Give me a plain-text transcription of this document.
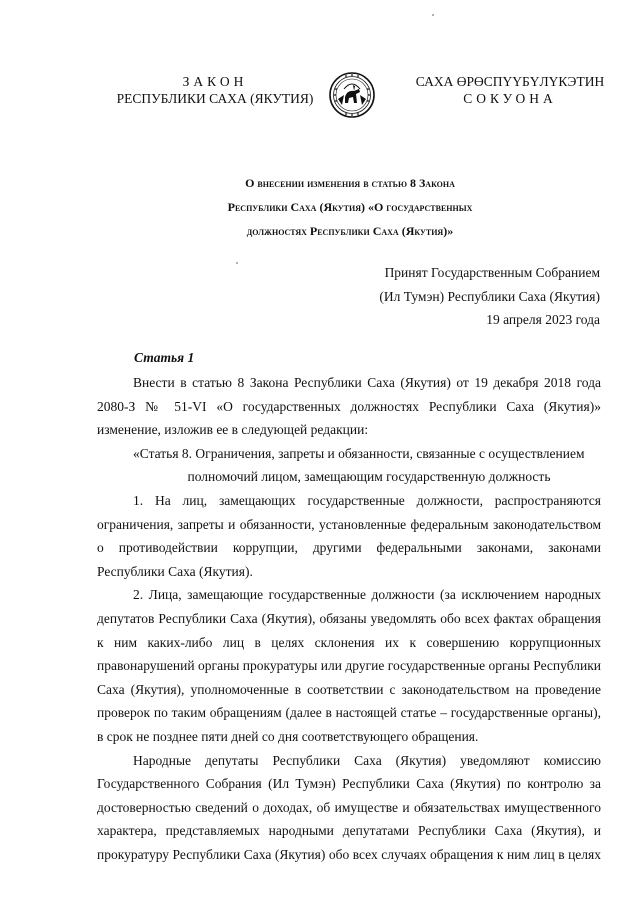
ЗАКОН
РЕСПУБЛИКИ САХА (ЯКУТИЯ)
САХА ӨРӨСПҮҮБҮЛҮКЭТИН
СОКУОНА
О внесении изменения в статью 8 Закона
Республики Саха (Якутия) «О государственных
должностях Республики Саха (Якутия)»
Принят Государственным Собранием
(Ил Тумэн) Республики Саха (Якутия)
19 апреля 2023 года
Статья 1

Внести в статью 8 Закона Республики Саха (Якутия) от 19 декабря 2018 года 2080-З № 51-VI «О государственных должностях Республики Саха (Якутия)» изменение, изложив ее в следующей редакции:

«Статья 8. Ограничения, запреты и обязанности, связанные с осуществлением

полномочий лицом, замещающим государственную должность

1. На лиц, замещающих государственные должности, распространяются ограничения, запреты и обязанности, установленные федеральным законодательством о противодействии коррупции, другими федеральными законами, законами Республики Саха (Якутия).

2. Лица, замещающие государственные должности (за исключением народных депутатов Республики Саха (Якутия), обязаны уведомлять обо всех фактах обращения к ним каких-либо лиц в целях склонения их к совершению коррупционных правонарушений органы прокуратуры или другие государственные органы Республики Саха (Якутия), уполномоченные в соответствии с законодательством на проведение проверок по таким обращениям (далее в настоящей статье – государственные органы), в срок не позднее пяти дней со дня соответствующего обращения.

Народные депутаты Республики Саха (Якутия) уведомляют комиссию Государственного Собрания (Ил Тумэн) Республики Саха (Якутия) по контролю за достоверностью сведений о доходах, об имуществе и обязательствах имущественного характера, представляемых народными депутатами Республики Саха (Якутия), и прокуратуру Республики Саха (Якутия) обо всех случаях обращения к ним лиц в целях
